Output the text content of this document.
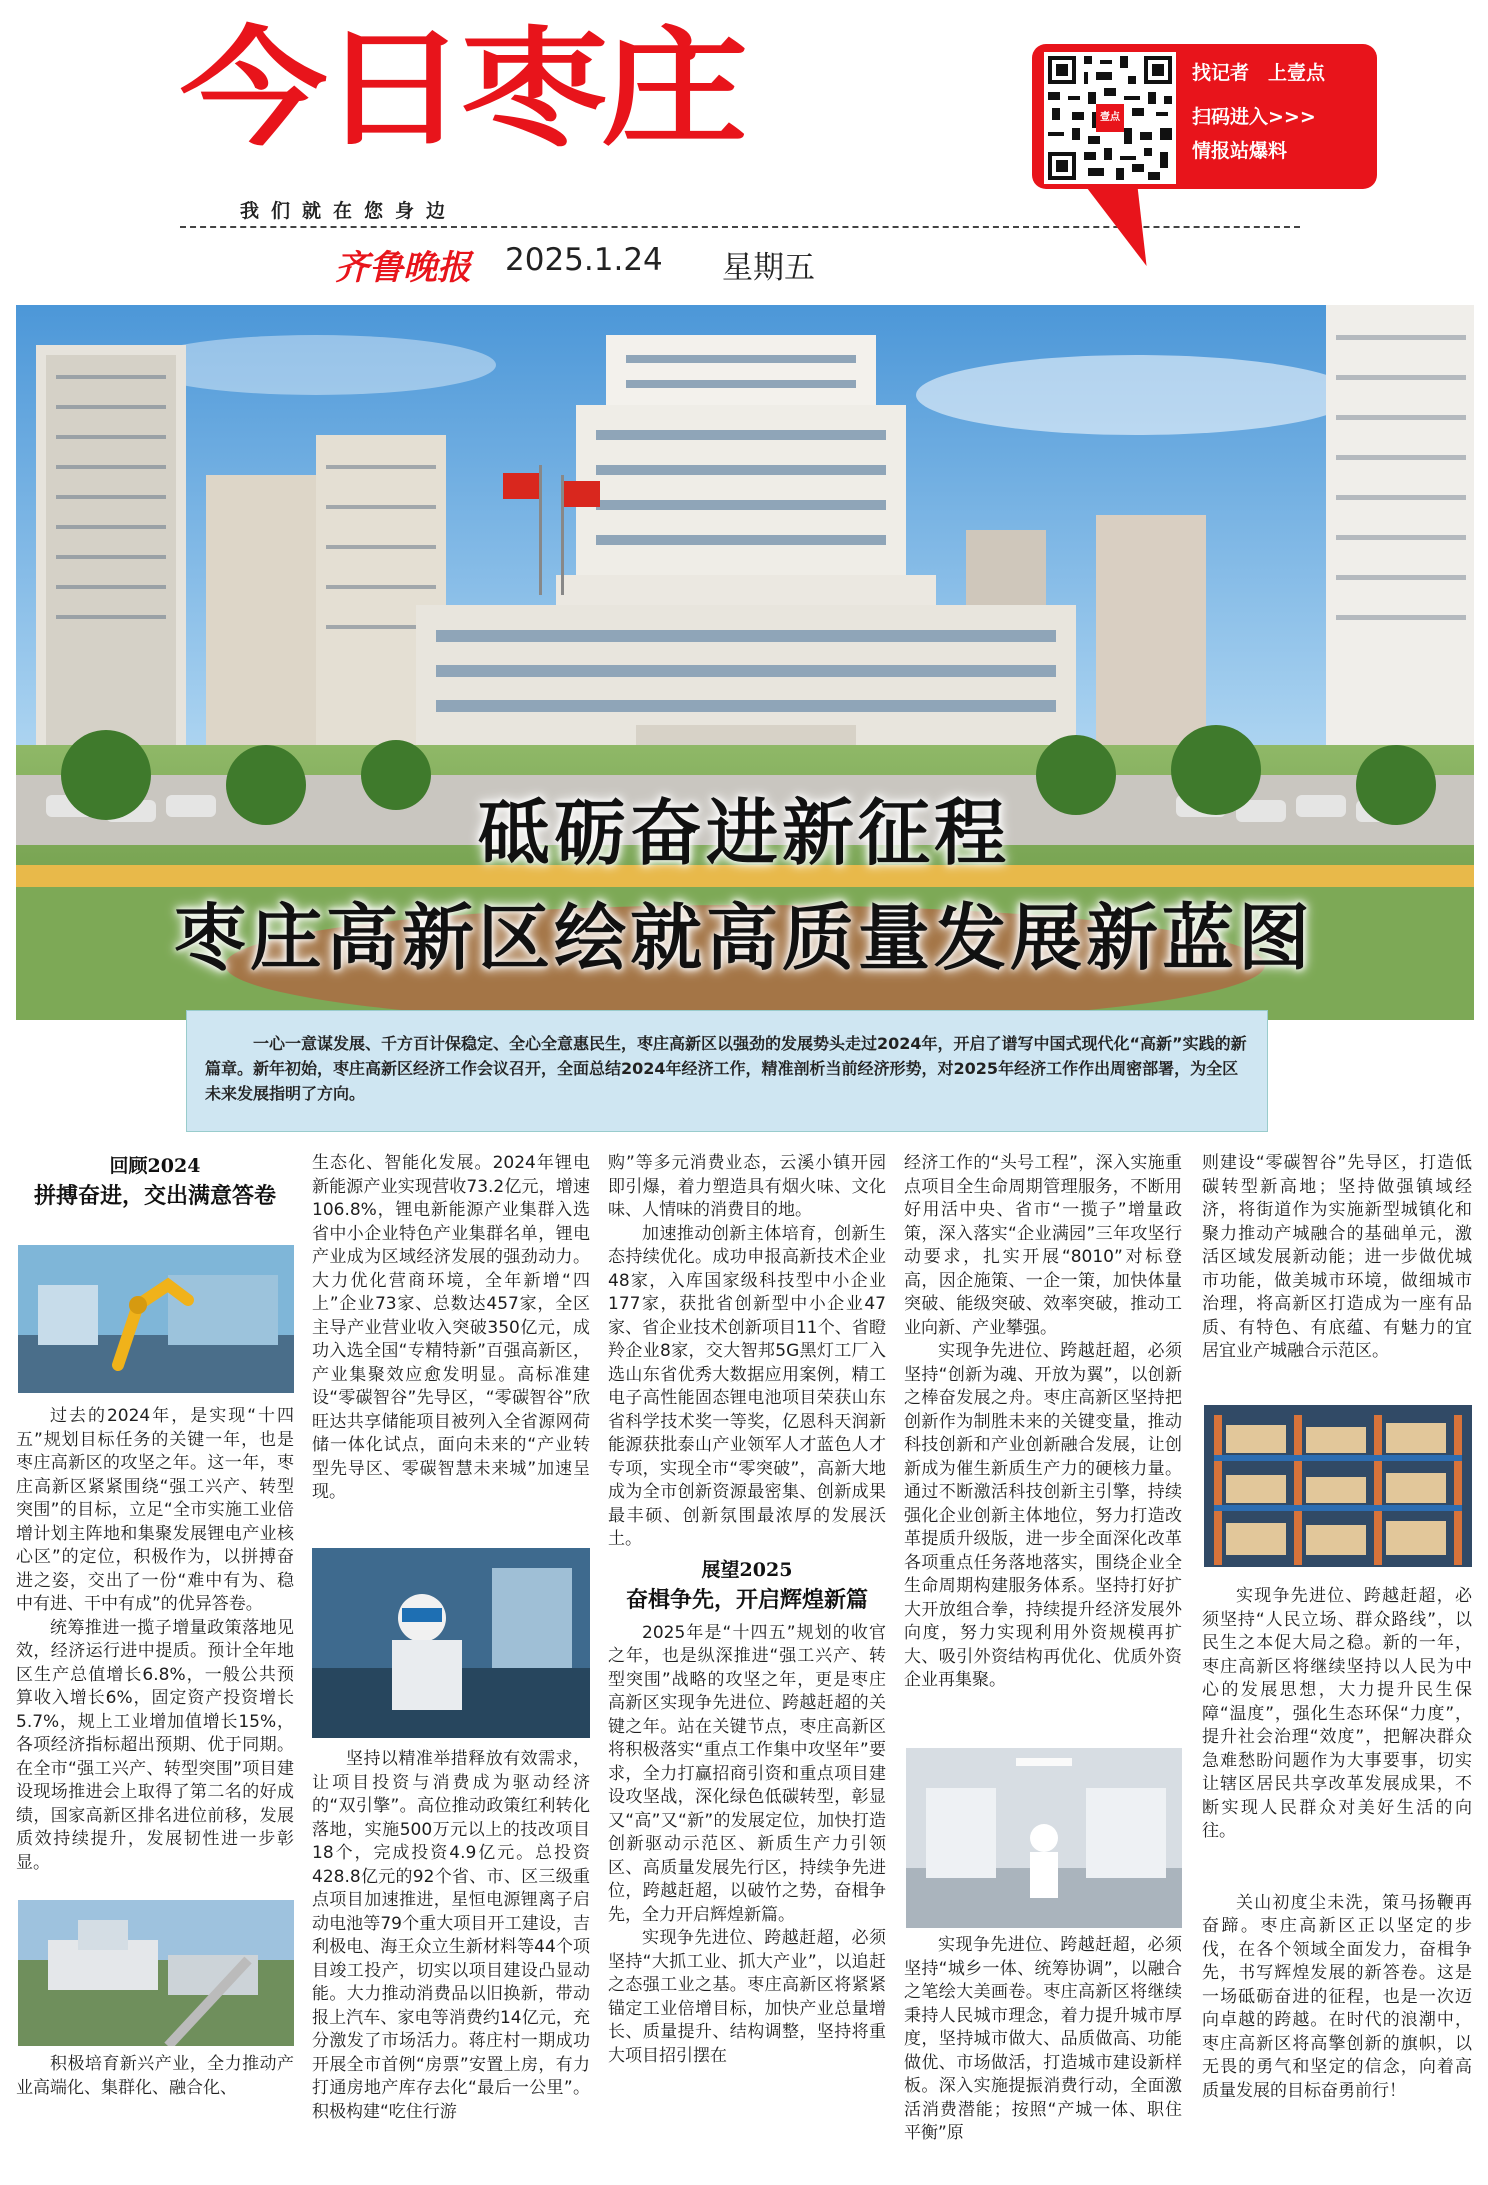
今日枣庄
我们就在您身边
齐鲁晚报 2025.1.24 星期五
找记者　上壹点
扫码进入>>>
情报站爆料
壹点
砥砺奋进新征程
枣庄高新区绘就高质量发展新蓝图
一心一意谋发展、千方百计保稳定、全心全意惠民生，枣庄高新区以强劲的发展势头走过2024年，开启了谱写中国式现代化“高新”实践的新篇章。新年初始，枣庄高新区经济工作会议召开，全面总结2024年经济工作，精准剖析当前经济形势，对2025年经济工作作出周密部署，为全区未来发展指明了方向。
回顾2024
拼搏奋进，交出满意答卷

过去的2024年，是实现“十四五”规划目标任务的关键一年，也是枣庄高新区的攻坚之年。这一年，枣庄高新区紧紧围绕“强工兴产、转型突围”的目标，立足“全市实施工业倍增计划主阵地和集聚发展锂电产业核心区”的定位，积极作为，以拼搏奋进之姿，交出了一份“难中有为、稳中有进、干中有成”的优异答卷。

统筹推进一揽子增量政策落地见效，经济运行进中提质。预计全年地区生产总值增长6.8%，一般公共预算收入增长6%，固定资产投资增长5.7%，规上工业增加值增长15%，各项经济指标超出预期、优于同期。在全市“强工兴产、转型突围”项目建设现场推进会上取得了第二名的好成绩，国家高新区排名进位前移，发展质效持续提升，发展韧性进一步彰显。

积极培育新兴产业，全力推动产业高端化、集群化、融合化、

生态化、智能化发展。2024年锂电新能源产业实现营收73.2亿元，增速106.8%，锂电新能源产业集群入选省中小企业特色产业集群名单，锂电产业成为区域经济发展的强劲动力。大力优化营商环境，全年新增“四上”企业73家、总数达457家，全区主导产业营业收入突破350亿元，成功入选全国“专精特新”百强高新区，产业集聚效应愈发明显。高标准建设“零碳智谷”先导区，“零碳智谷”欣旺达共享储能项目被列入全省源网荷储一体化试点，面向未来的“产业转型先导区、零碳智慧未来城”加速呈现。

坚持以精准举措释放有效需求，让项目投资与消费成为驱动经济的“双引擎”。高位推动政策红利转化落地，实施500万元以上的技改项目18个，完成投资4.9亿元。总投资428.8亿元的92个省、市、区三级重点项目加速推进，星恒电源锂离子启动电池等79个重大项目开工建设，吉利极电、海王众立生新材料等44个项目竣工投产，切实以项目建设凸显动能。大力推动消费品以旧换新，带动报上汽车、家电等消费约14亿元，充分激发了市场活力。蒋庄村一期成功开展全市首例“房票”安置上房，有力打通房地产库存去化“最后一公里”。积极构建“吃住行游

购”等多元消费业态，云溪小镇开园即引爆，着力塑造具有烟火味、文化味、人情味的消费目的地。

加速推动创新主体培育，创新生态持续优化。成功申报高新技术企业48家，入库国家级科技型中小企业177家，获批省创新型中小企业47家、省企业技术创新项目11个、省瞪羚企业8家，交大智邦5G黑灯工厂入选山东省优秀大数据应用案例，精工电子高性能固态锂电池项目荣获山东省科学技术奖一等奖，亿恩科天润新能源获批泰山产业领军人才蓝色人才专项，实现全市“零突破”，高新大地成为全市创新资源最密集、创新成果最丰硕、创新氛围最浓厚的发展沃土。

展望2025
奋楫争先，开启辉煌新篇

2025年是“十四五”规划的收官之年，也是纵深推进“强工兴产、转型突围”战略的攻坚之年，更是枣庄高新区实现争先进位、跨越赶超的关键之年。站在关键节点，枣庄高新区将积极落实“重点工作集中攻坚年”要求，全力打赢招商引资和重点项目建设攻坚战，深化绿色低碳转型，彰显又“高”又“新”的发展定位，加快打造创新驱动示范区、新质生产力引领区、高质量发展先行区，持续争先进位，跨越赶超，以破竹之势，奋楫争先，全力开启辉煌新篇。

实现争先进位、跨越赶超，必须坚持“大抓工业、抓大产业”，以追赶之态强工业之基。枣庄高新区将紧紧锚定工业倍增目标，加快产业总量增长、质量提升、结构调整，坚持将重大项目招引摆在

经济工作的“头号工程”，深入实施重点项目全生命周期管理服务，不断用好用活中央、省市“一揽子”增量政策，深入落实“企业满园”三年攻坚行动要求，扎实开展“8010”对标登高，因企施策、一企一策，加快体量突破、能级突破、效率突破，推动工业向新、产业攀强。

实现争先进位、跨越赶超，必须坚持“创新为魂、开放为翼”，以创新之棒奋发展之舟。枣庄高新区坚持把创新作为制胜未来的关键变量，推动科技创新和产业创新融合发展，让创新成为催生新质生产力的硬核力量。通过不断激活科技创新主引擎，持续强化企业创新主体地位，努力打造改革提质升级版，进一步全面深化改革各项重点任务落地落实，围绕企业全生命周期构建服务体系。坚持打好扩大开放组合拳，持续提升经济发展外向度，努力实现利用外资规模再扩大、吸引外资结构再优化、优质外资企业再集聚。

实现争先进位、跨越赶超，必须坚持“城乡一体、统筹协调”，以融合之笔绘大美画卷。枣庄高新区将继续秉持人民城市理念，着力提升城市厚度，坚持城市做大、品质做高、功能做优、市场做活，打造城市建设新样板。深入实施提振消费行动，全面激活消费潜能；按照“产城一体、职住平衡”原

则建设“零碳智谷”先导区，打造低碳转型新高地；坚持做强镇域经济，将街道作为实施新型城镇化和聚力推动产城融合的基础单元，激活区域发展新动能；进一步做优城市功能，做美城市环境，做细城市治理，将高新区打造成为一座有品质、有特色、有底蕴、有魅力的宜居宜业产城融合示范区。

实现争先进位、跨越赶超，必须坚持“人民立场、群众路线”，以民生之本促大局之稳。新的一年，枣庄高新区将继续坚持以人民为中心的发展思想，大力提升民生保障“温度”，强化生态环保“力度”，提升社会治理“效度”，把解决群众急难愁盼问题作为大事要事，切实让辖区居民共享改革发展成果，不断实现人民群众对美好生活的向往。

关山初度尘未洗，策马扬鞭再奋蹄。枣庄高新区正以坚定的步伐，在各个领域全面发力，奋楫争先，书写辉煌发展的新答卷。这是一场砥砺奋进的征程，也是一次迈向卓越的跨越。在时代的浪潮中，枣庄高新区将高擎创新的旗帜，以无畏的勇气和坚定的信念，向着高质量发展的目标奋勇前行！
